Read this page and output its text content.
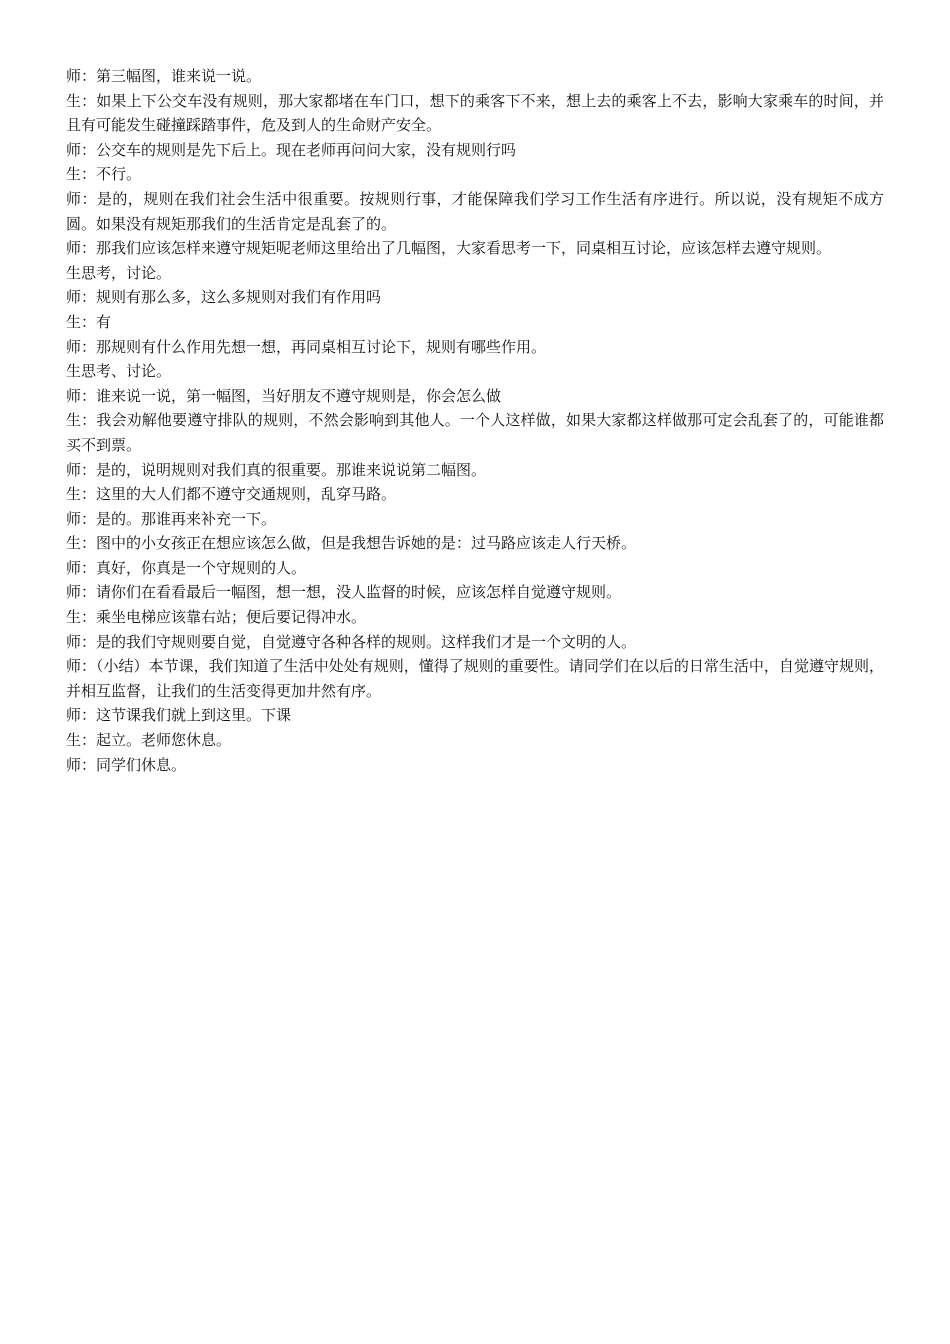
师：第三幅图，谁来说一说。

生：如果上下公交车没有规则，那大家都堵在车门口，想下的乘客下不来，想上去的乘客上不去，影响大家乘车的时间，并且有可能发生碰撞踩踏事件，危及到人的生命财产安全。

师：公交车的规则是先下后上。现在老师再问问大家，没有规则行吗

生：不行。

师：是的，规则在我们社会生活中很重要。按规则行事，才能保障我们学习工作生活有序进行。所以说，没有规矩不成方圆。如果没有规矩那我们的生活肯定是乱套了的。

师：那我们应该怎样来遵守规矩呢老师这里给出了几幅图，大家看思考一下，同桌相互讨论，应该怎样去遵守规则。

生思考，讨论。

师：规则有那么多，这么多规则对我们有作用吗

生：有

师：那规则有什么作用先想一想，再同桌相互讨论下，规则有哪些作用。

生思考、讨论。

师：谁来说一说，第一幅图，当好朋友不遵守规则是，你会怎么做

生：我会劝解他要遵守排队的规则，不然会影响到其他人。一个人这样做，如果大家都这样做那可定会乱套了的，可能谁都买不到票。

师：是的，说明规则对我们真的很重要。那谁来说说第二幅图。

生：这里的大人们都不遵守交通规则，乱穿马路。

师：是的。那谁再来补充一下。

生：图中的小女孩正在想应该怎么做，但是我想告诉她的是：过马路应该走人行天桥。

师：真好，你真是一个守规则的人。

师：请你们在看看最后一幅图，想一想，没人监督的时候，应该怎样自觉遵守规则。

生：乘坐电梯应该靠右站；便后要记得冲水。

师：是的我们守规则要自觉，自觉遵守各种各样的规则。这样我们才是一个文明的人。

师：（小结）本节课，我们知道了生活中处处有规则，懂得了规则的重要性。请同学们在以后的日常生活中，自觉遵守规则，并相互监督，让我们的生活变得更加井然有序。

师：这节课我们就上到这里。下课

生：起立。老师您休息。

师：同学们休息。
